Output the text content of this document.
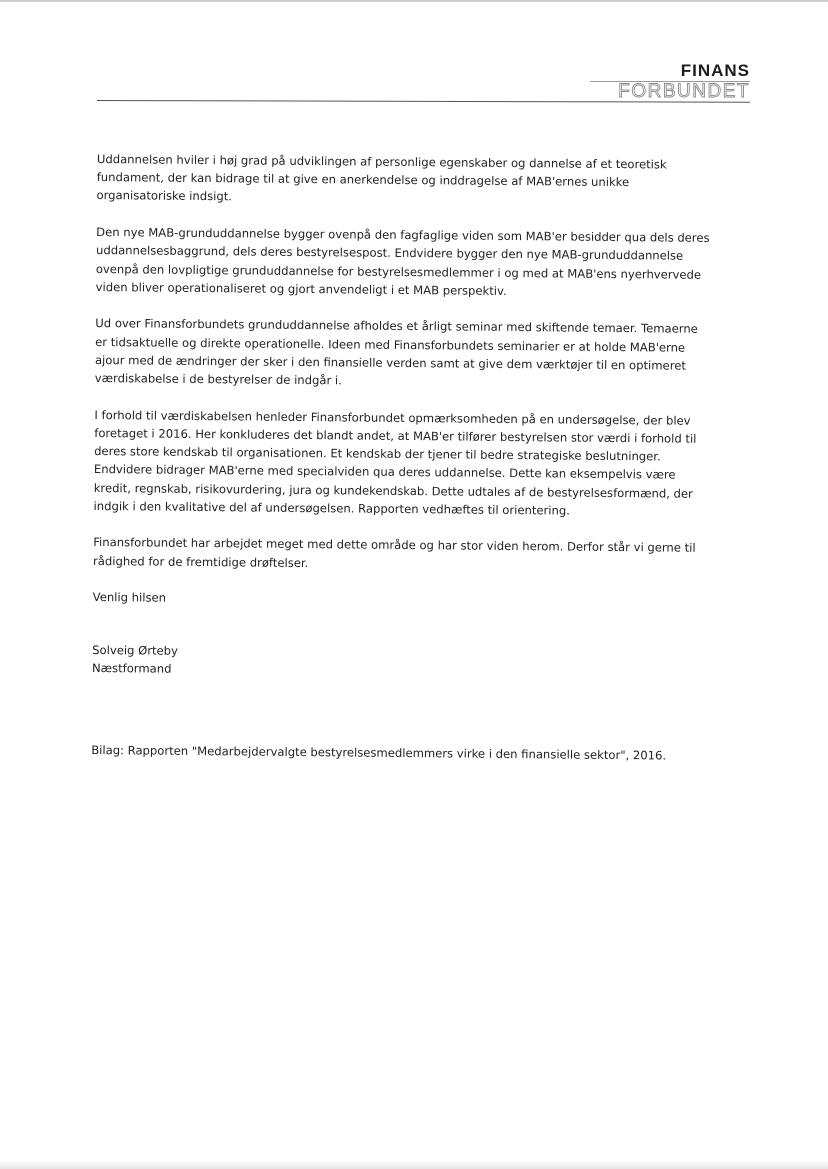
FINANS
FORBUNDET
Uddannelsen hviler i høj grad på udviklingen af personlige egenskaber og dannelse af et teoretisk
fundament, der kan bidrage til at give en anerkendelse og inddragelse af MAB'ernes unikke
organisatoriske indsigt.
Den nye MAB-grunduddannelse bygger ovenpå den fagfaglige viden som MAB'er besidder qua dels deres
uddannelsesbaggrund, dels deres bestyrelsespost. Endvidere bygger den nye MAB-grunduddannelse
ovenpå den lovpligtige grunduddannelse for bestyrelsesmedlemmer i og med at MAB'ens nyerhvervede
viden bliver operationaliseret og gjort anvendeligt i et MAB perspektiv.
Ud over Finansforbundets grunduddannelse afholdes et årligt seminar med skiftende temaer. Temaerne
er tidsaktuelle og direkte operationelle. Ideen med Finansforbundets seminarier er at holde MAB'erne
ajour med de ændringer der sker i den finansielle verden samt at give dem værktøjer til en optimeret
værdiskabelse i de bestyrelser de indgår i.
I forhold til værdiskabelsen henleder Finansforbundet opmærksomheden på en undersøgelse, der blev
foretaget i 2016. Her konkluderes det blandt andet, at MAB'er tilfører bestyrelsen stor værdi i forhold til
deres store kendskab til organisationen. Et kendskab der tjener til bedre strategiske beslutninger.
Endvidere bidrager MAB'erne med specialviden qua deres uddannelse. Dette kan eksempelvis være
kredit, regnskab, risikovurdering, jura og kundekendskab. Dette udtales af de bestyrelsesformænd, der
indgik i den kvalitative del af undersøgelsen. Rapporten vedhæftes til orientering.
Finansforbundet har arbejdet meget med dette område og har stor viden herom. Derfor står vi gerne til
rådighed for de fremtidige drøftelser.
Venlig hilsen
Solveig Ørteby
Næstformand
Bilag: Rapporten "Medarbejdervalgte bestyrelsesmedlemmers virke i den finansielle sektor", 2016.
